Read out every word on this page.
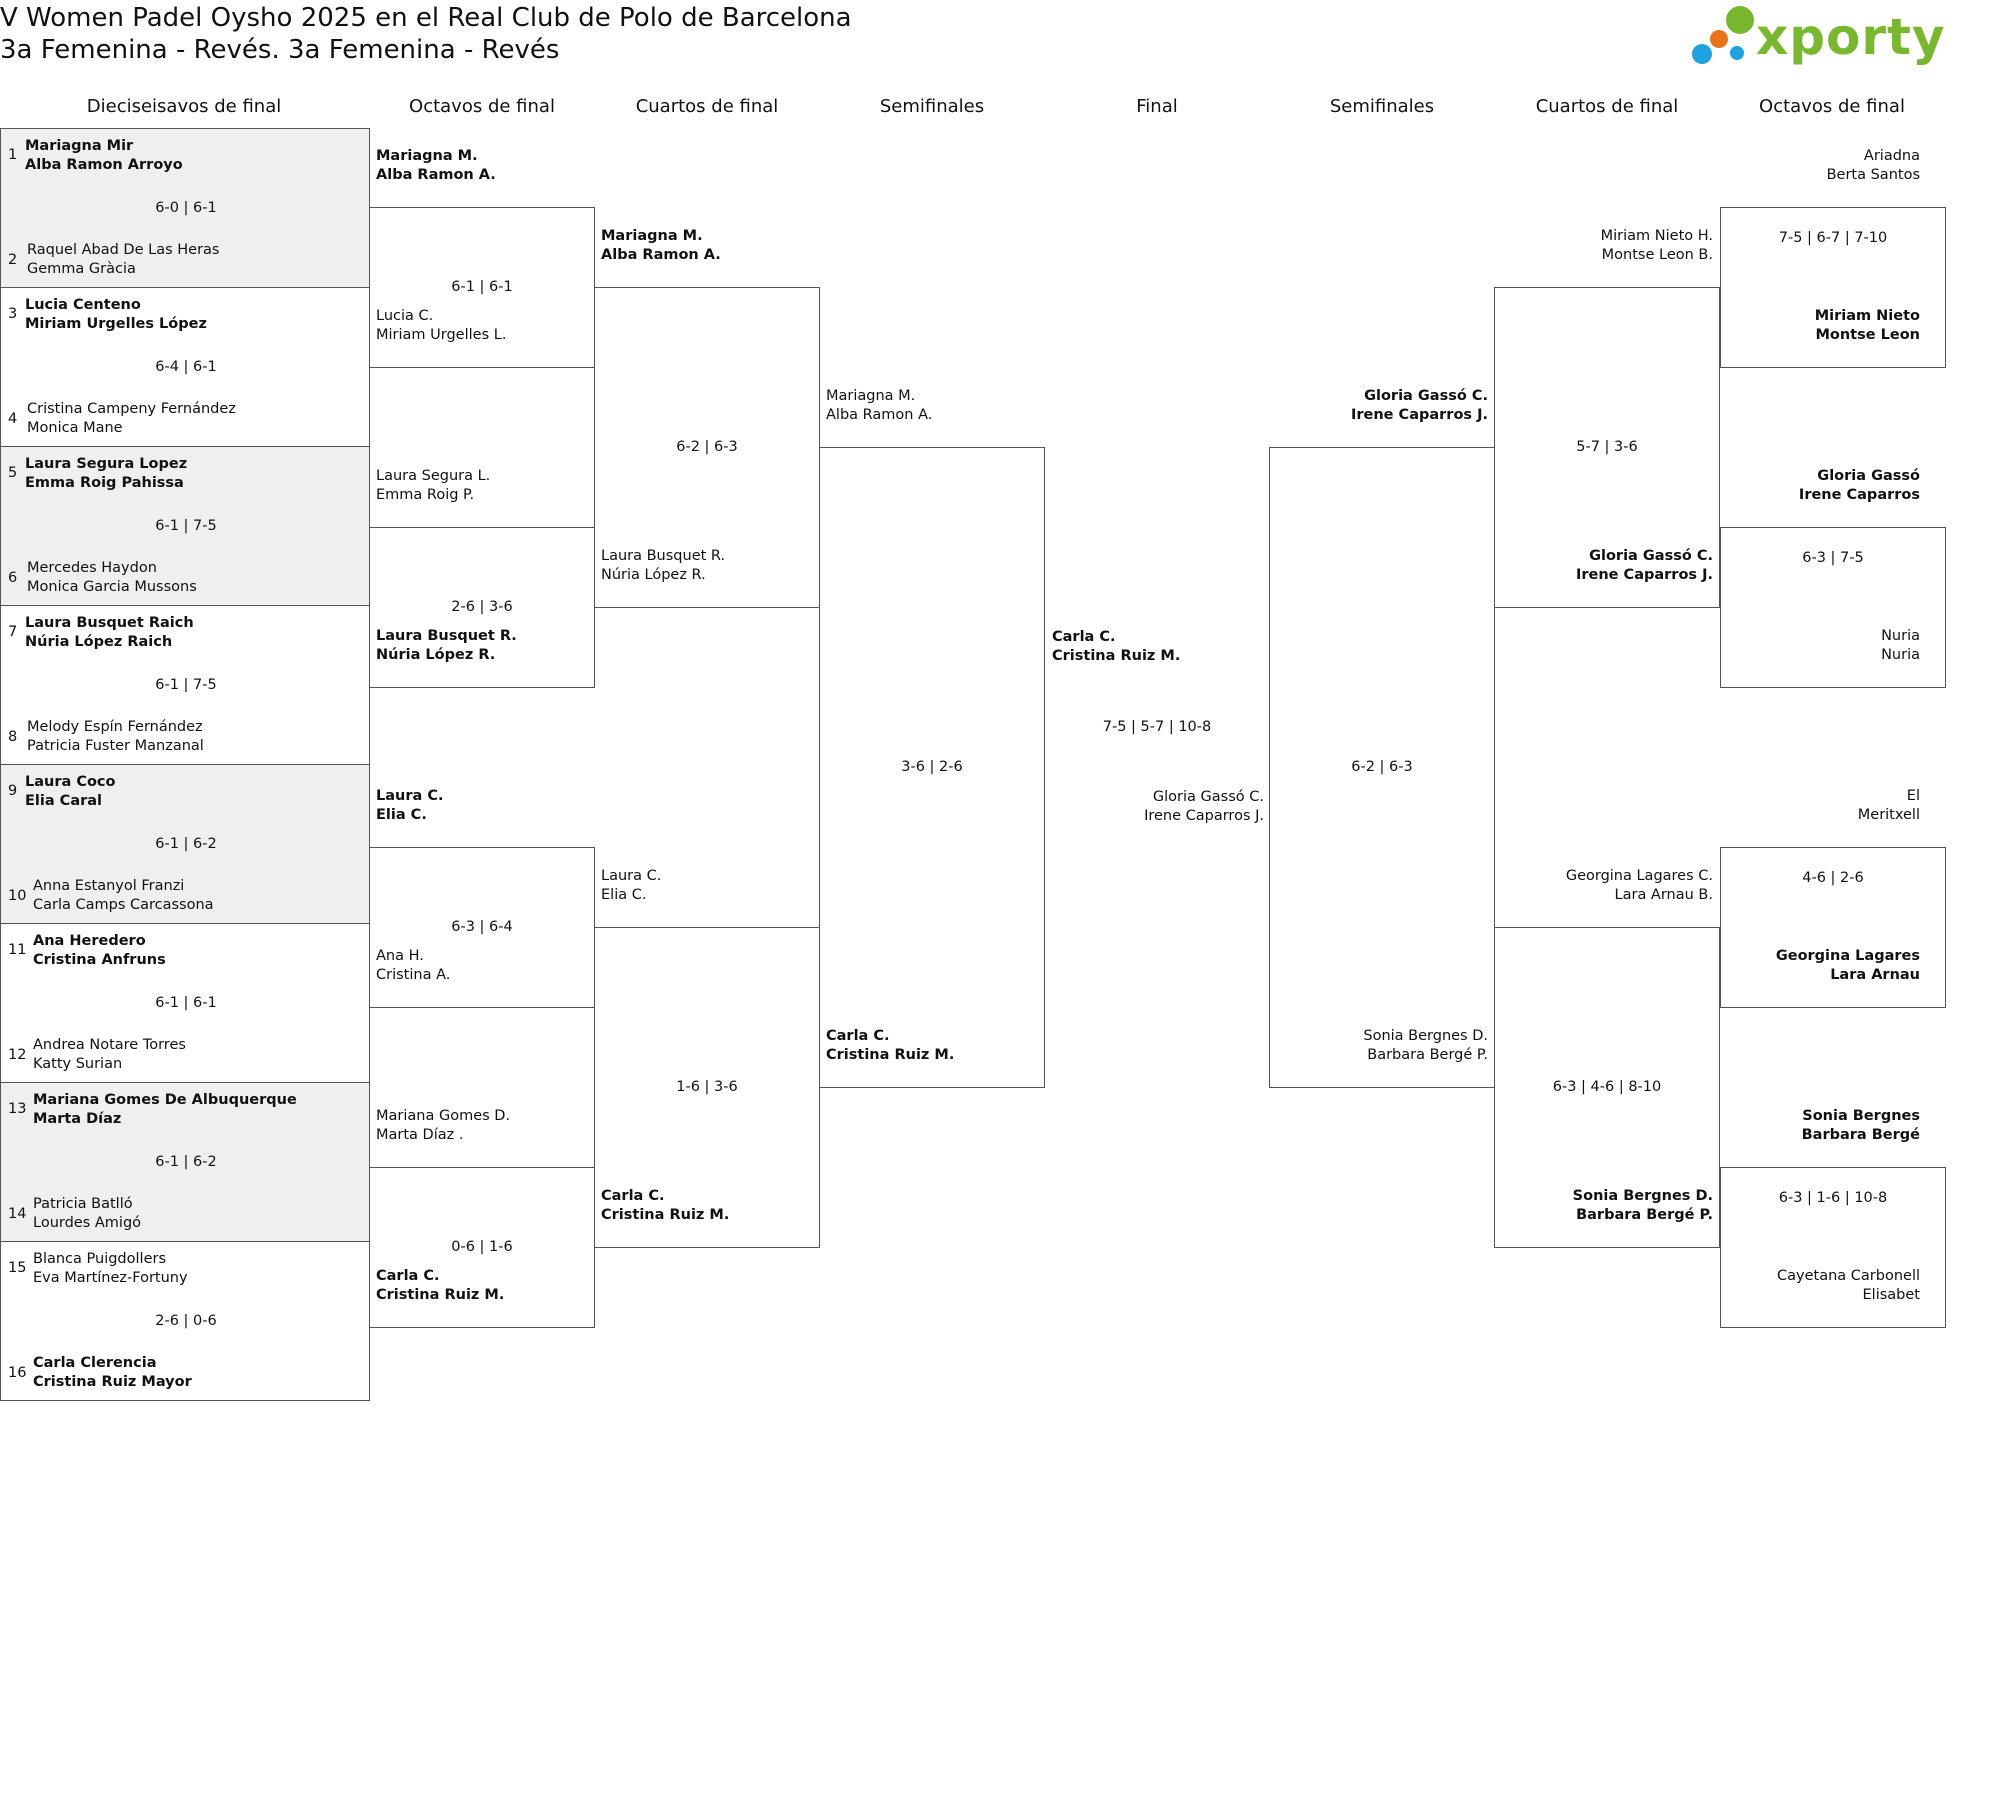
V Women Padel Oysho 2025 en el Real Club de Polo de Barcelona
3a Femenina - Revés. 3a Femenina - Revés	xporty
Dieciseisavos de final	Octavos de final	Cuartos de final	Semifinales	Final	Semifinales	Cuartos de final	Octavos de final
1
Mariagna Mir
Alba Ramon Arroyo
6-0 | 6-1
2
Raquel Abad De Las Heras
Gemma Gràcia
3
Lucia Centeno
Miriam Urgelles López
6-4 | 6-1
4
Cristina Campeny Fernández
Monica Mane
5
Laura Segura Lopez
Emma Roig Pahissa
6-1 | 7-5
6
Mercedes Haydon
Monica Garcia Mussons
7
Laura Busquet Raich
Núria López Raich
6-1 | 7-5
8
Melody Espín Fernández
Patricia Fuster Manzanal
9
Laura Coco
Elia Caral
6-1 | 6-2
10
Anna Estanyol Franzi
Carla Camps Carcassona
11
Ana Heredero
Cristina Anfruns
6-1 | 6-1
12
Andrea Notare Torres
Katty Surian
13
Mariana Gomes De Albuquerque
Marta Díaz
6-1 | 6-2
14
Patricia Batlló
Lourdes Amigó
15
Blanca Puigdollers
Eva Martínez-Fortuny
2-6 | 0-6
16
Carla Clerencia
Cristina Ruiz Mayor
6-1 | 6-1
Mariagna M.
Alba Ramon A.
Lucia C.
Miriam Urgelles L.
2-6 | 3-6
Laura Segura L.
Emma Roig P.
Laura Busquet R.
Núria López R.
6-3 | 6-4
Laura C.
Elia C.
Ana H.
Cristina A.
0-6 | 1-6
Mariana Gomes D.
Marta Díaz .
Carla C.
Cristina Ruiz M.
6-2 | 6-3
Mariagna M.
Alba Ramon A.
Laura Busquet R.
Núria López R.
1-6 | 3-6
Laura C.
Elia C.
Carla C.
Cristina Ruiz M.
3-6 | 2-6
Mariagna M.
Alba Ramon A.
Carla C.
Cristina Ruiz M.
Carla C.
Cristina Ruiz M.
7-5 | 5-7 | 10-8
Gloria Gassó C.
Irene Caparros J.
6-2 | 6-3
Gloria Gassó C.
Irene Caparros J.
Sonia Bergnes D.
Barbara Bergé P.
5-7 | 3-6
Miriam Nieto H.
Montse Leon B.
Gloria Gassó C.
Irene Caparros J.
6-3 | 4-6 | 8-10
Georgina Lagares C.
Lara Arnau B.
Sonia Bergnes D.
Barbara Bergé P.
7-5 | 6-7 | 7-10
Ariadna
Berta Santos
Miriam Nieto
Montse Leon
6-3 | 7-5
Gloria Gassó
Irene Caparros
Nuria
Nuria
4-6 | 2-6
El
Meritxell
Georgina Lagares
Lara Arnau
6-3 | 1-6 | 10-8
Sonia Bergnes
Barbara Bergé
Cayetana Carbonell
Elisabet
